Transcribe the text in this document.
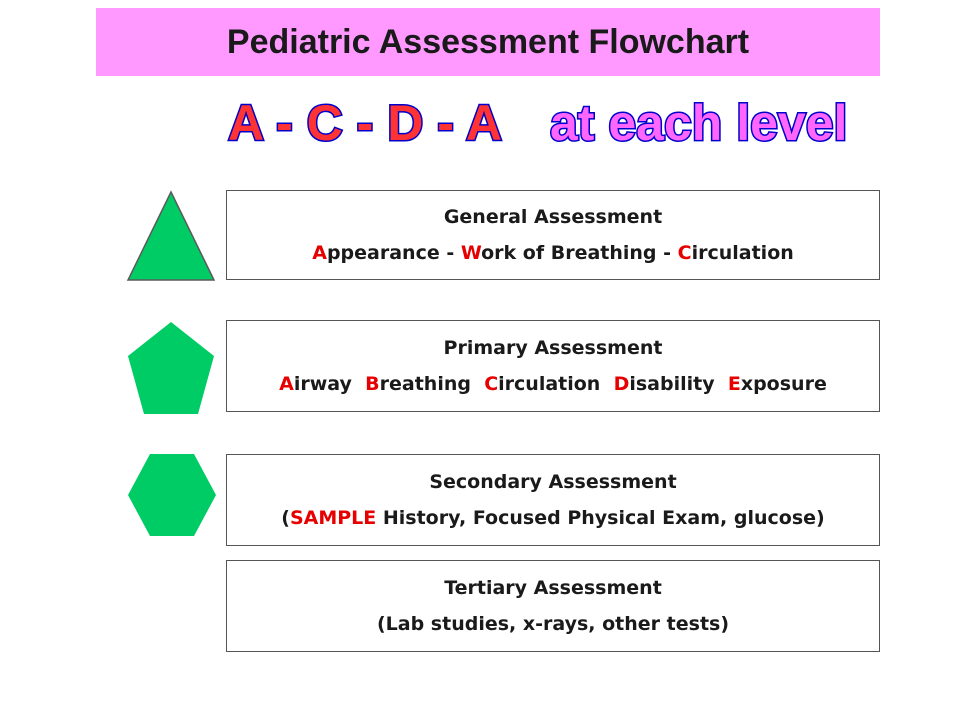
Pediatric Assessment Flowchart
A - C - D - A at each level
General Assessment
Appearance - Work of Breathing - Circulation
Primary Assessment
Airway  Breathing  Circulation  Disability  Exposure
Secondary Assessment
(SAMPLE History, Focused Physical Exam, glucose)
Tertiary Assessment
(Lab studies, x-rays, other tests)
